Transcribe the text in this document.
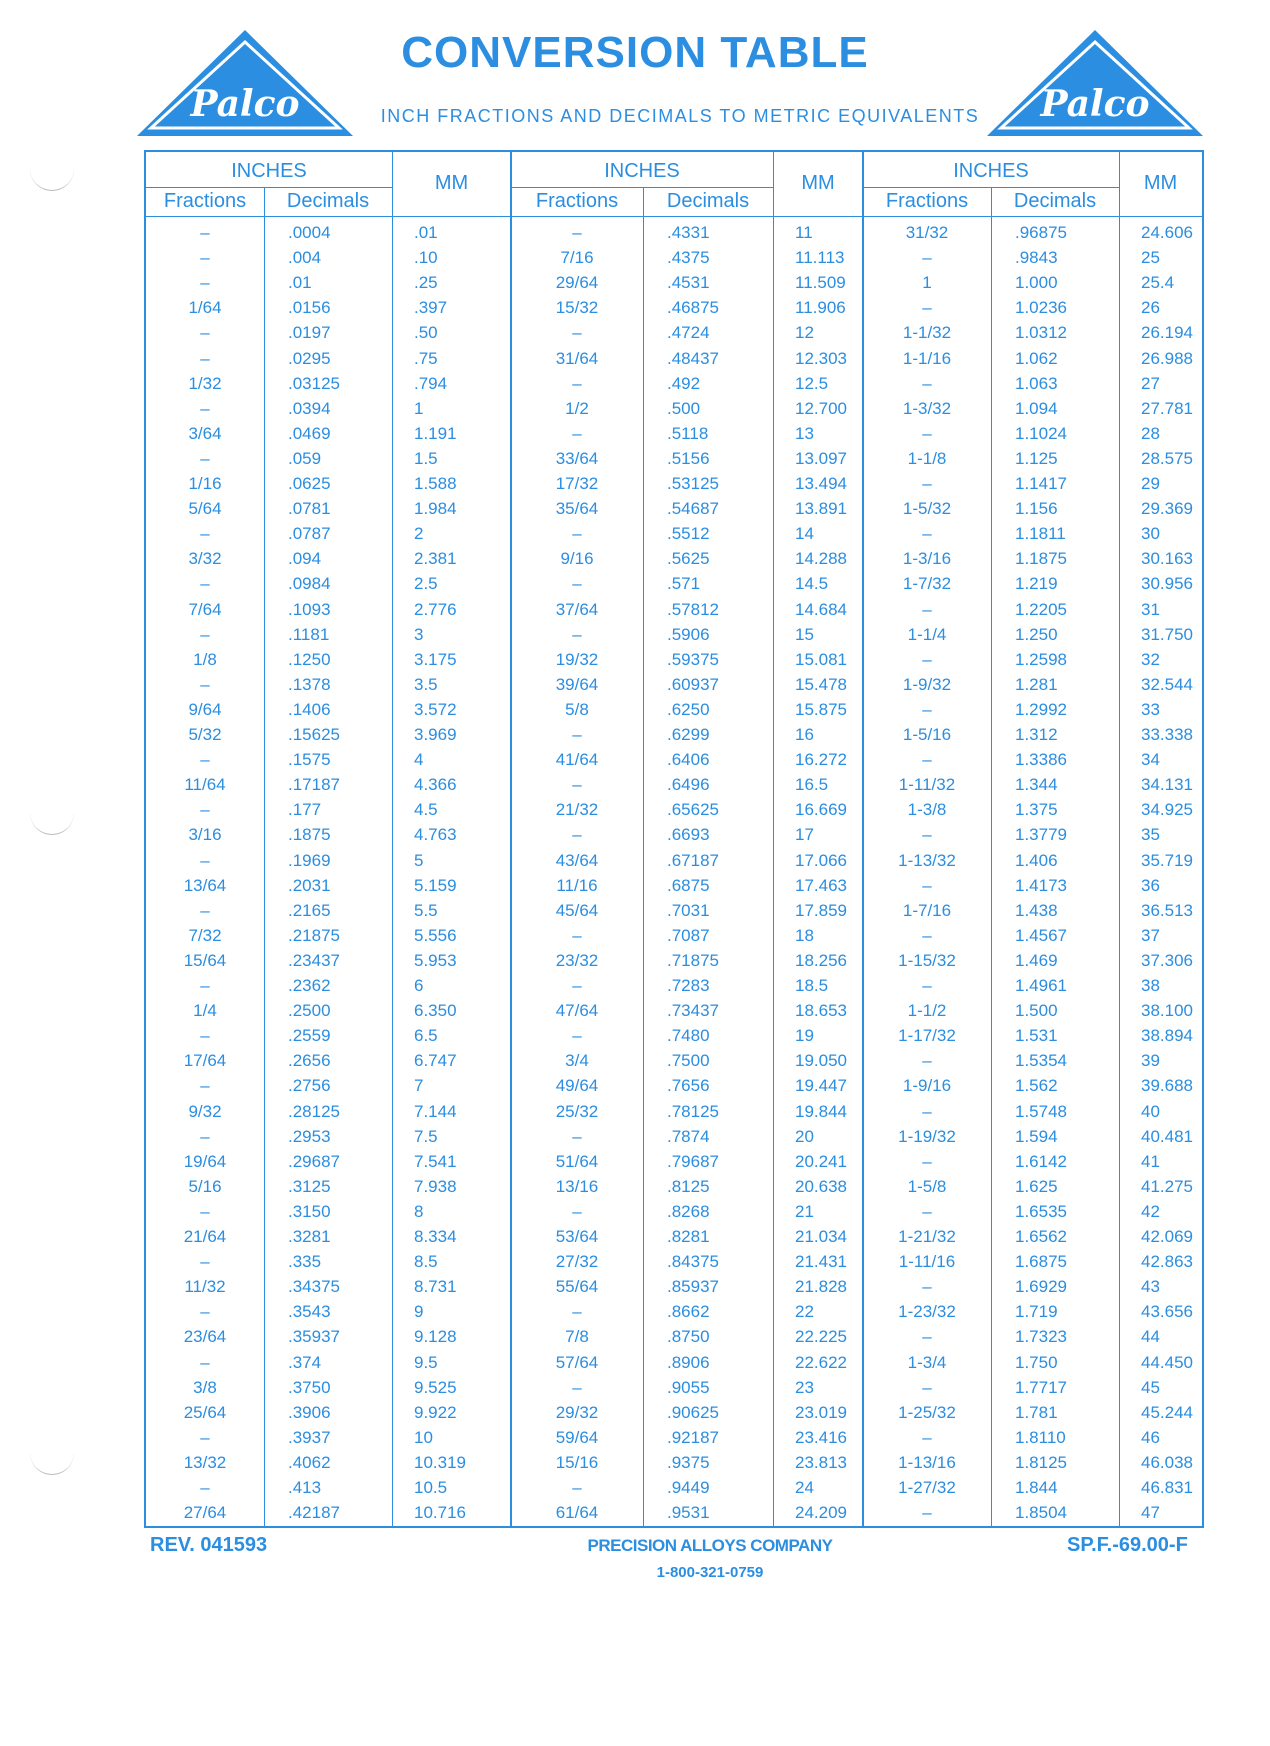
Palco	Palco
CONVERSION TABLE
INCH FRACTIONS AND DECIMALS TO METRIC EQUIVALENTS
INCHES
MM
Fractions	Decimals
–	.0004	.01
–	.004	.10
–	.01	.25
1/64	.0156	.397
–	.0197	.50
–	.0295	.75
1/32	.03125	.794
–	.0394	1
3/64	.0469	1.191
–	.059	1.5
1/16	.0625	1.588
5/64	.0781	1.984
–	.0787	2
3/32	.094	2.381
–	.0984	2.5
7/64	.1093	2.776
–	.1181	3
1/8	.1250	3.175
–	.1378	3.5
9/64	.1406	3.572
5/32	.15625	3.969
–	.1575	4
11/64	.17187	4.366
–	.177	4.5
3/16	.1875	4.763
–	.1969	5
13/64	.2031	5.159
–	.2165	5.5
7/32	.21875	5.556
15/64	.23437	5.953
–	.2362	6
1/4	.2500	6.350
–	.2559	6.5
17/64	.2656	6.747
–	.2756	7
9/32	.28125	7.144
–	.2953	7.5
19/64	.29687	7.541
5/16	.3125	7.938
–	.3150	8
21/64	.3281	8.334
–	.335	8.5
11/32	.34375	8.731
–	.3543	9
23/64	.35937	9.128
–	.374	9.5
3/8	.3750	9.525
25/64	.3906	9.922
–	.3937	10
13/32	.4062	10.319
–	.413	10.5
27/64	.42187	10.716
INCHES
MM
Fractions	Decimals
–	.4331	11
7/16	.4375	11.113
29/64	.4531	11.509
15/32	.46875	11.906
–	.4724	12
31/64	.48437	12.303
–	.492	12.5
1/2	.500	12.700
–	.5118	13
33/64	.5156	13.097
17/32	.53125	13.494
35/64	.54687	13.891
–	.5512	14
9/16	.5625	14.288
–	.571	14.5
37/64	.57812	14.684
–	.5906	15
19/32	.59375	15.081
39/64	.60937	15.478
5/8	.6250	15.875
–	.6299	16
41/64	.6406	16.272
–	.6496	16.5
21/32	.65625	16.669
–	.6693	17
43/64	.67187	17.066
11/16	.6875	17.463
45/64	.7031	17.859
–	.7087	18
23/32	.71875	18.256
–	.7283	18.5
47/64	.73437	18.653
–	.7480	19
3/4	.7500	19.050
49/64	.7656	19.447
25/32	.78125	19.844
–	.7874	20
51/64	.79687	20.241
13/16	.8125	20.638
–	.8268	21
53/64	.8281	21.034
27/32	.84375	21.431
55/64	.85937	21.828
–	.8662	22
7/8	.8750	22.225
57/64	.8906	22.622
–	.9055	23
29/32	.90625	23.019
59/64	.92187	23.416
15/16	.9375	23.813
–	.9449	24
61/64	.9531	24.209
INCHES
MM
Fractions	Decimals
31/32	.96875	24.606
–	.9843	25
1	1.000	25.4
–	1.0236	26
1-1/32	1.0312	26.194
1-1/16	1.062	26.988
–	1.063	27
1-3/32	1.094	27.781
–	1.1024	28
1-1/8	1.125	28.575
–	1.1417	29
1-5/32	1.156	29.369
–	1.1811	30
1-3/16	1.1875	30.163
1-7/32	1.219	30.956
–	1.2205	31
1-1/4	1.250	31.750
–	1.2598	32
1-9/32	1.281	32.544
–	1.2992	33
1-5/16	1.312	33.338
–	1.3386	34
1-11/32	1.344	34.131
1-3/8	1.375	34.925
–	1.3779	35
1-13/32	1.406	35.719
–	1.4173	36
1-7/16	1.438	36.513
–	1.4567	37
1-15/32	1.469	37.306
–	1.4961	38
1-1/2	1.500	38.100
1-17/32	1.531	38.894
–	1.5354	39
1-9/16	1.562	39.688
–	1.5748	40
1-19/32	1.594	40.481
–	1.6142	41
1-5/8	1.625	41.275
–	1.6535	42
1-21/32	1.6562	42.069
1-11/16	1.6875	42.863
–	1.6929	43
1-23/32	1.719	43.656
–	1.7323	44
1-3/4	1.750	44.450
–	1.7717	45
1-25/32	1.781	45.244
–	1.8110	46
1-13/16	1.8125	46.038
1-27/32	1.844	46.831
–	1.8504	47
REV. 041593	PRECISION ALLOYS COMPANY
1-800-321-0759
SP.F.-69.00-F
